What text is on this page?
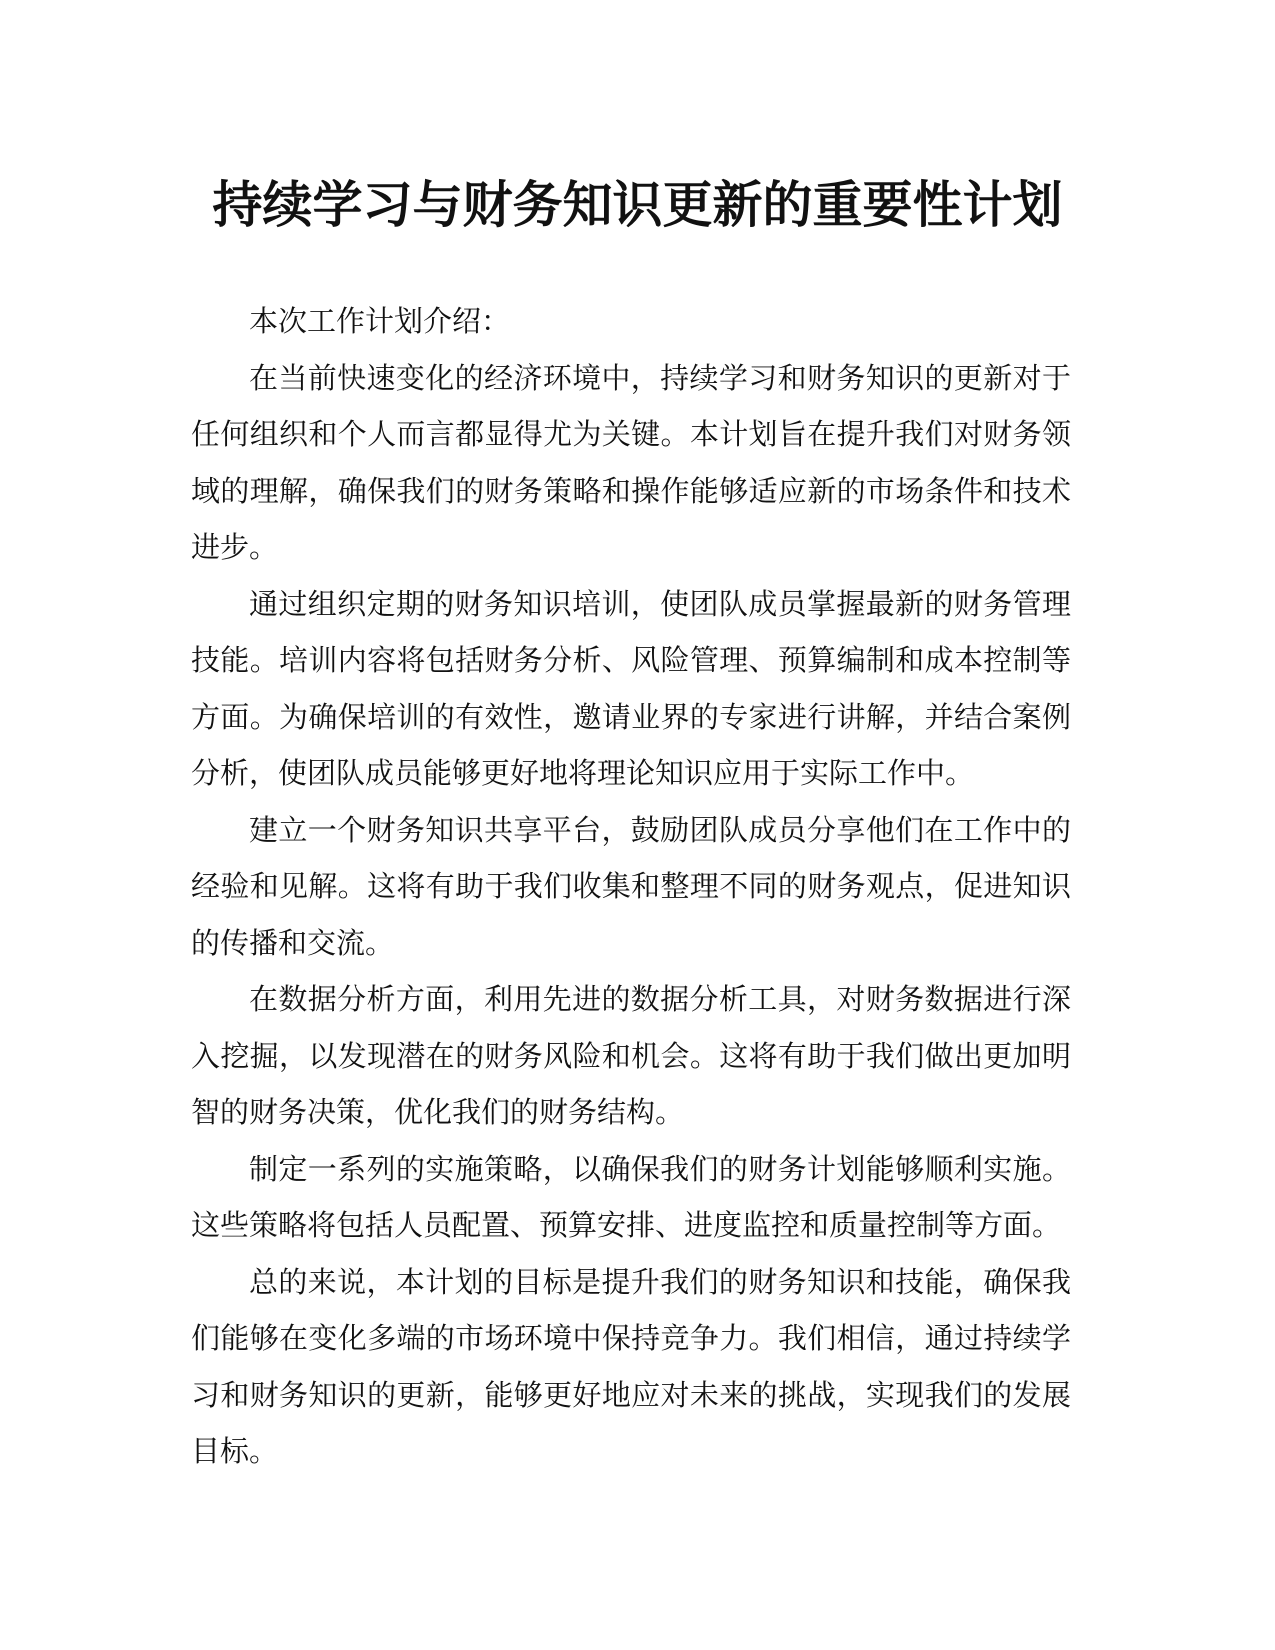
持续学习与财务知识更新的重要性计划

本次工作计划介绍：

在当前快速变化的经济环境中，持续学习和财务知识的更新对于任何组织和个人而言都显得尤为关键。本计划旨在提升我们对财务领域的理解，确保我们的财务策略和操作能够适应新的市场条件和技术进步。

通过组织定期的财务知识培训，使团队成员掌握最新的财务管理技能。培训内容将包括财务分析、风险管理、预算编制和成本控制等方面。为确保培训的有效性，邀请业界的专家进行讲解，并结合案例分析，使团队成员能够更好地将理论知识应用于实际工作中。

建立一个财务知识共享平台，鼓励团队成员分享他们在工作中的经验和见解。这将有助于我们收集和整理不同的财务观点，促进知识的传播和交流。

在数据分析方面，利用先进的数据分析工具，对财务数据进行深入挖掘，以发现潜在的财务风险和机会。这将有助于我们做出更加明智的财务决策，优化我们的财务结构。

制定一系列的实施策略，以确保我们的财务计划能够顺利实施。这些策略将包括人员配置、预算安排、进度监控和质量控制等方面。

总的来说，本计划的目标是提升我们的财务知识和技能，确保我们能够在变化多端的市场环境中保持竞争力。我们相信，通过持续学习和财务知识的更新，能够更好地应对未来的挑战，实现我们的发展目标。
